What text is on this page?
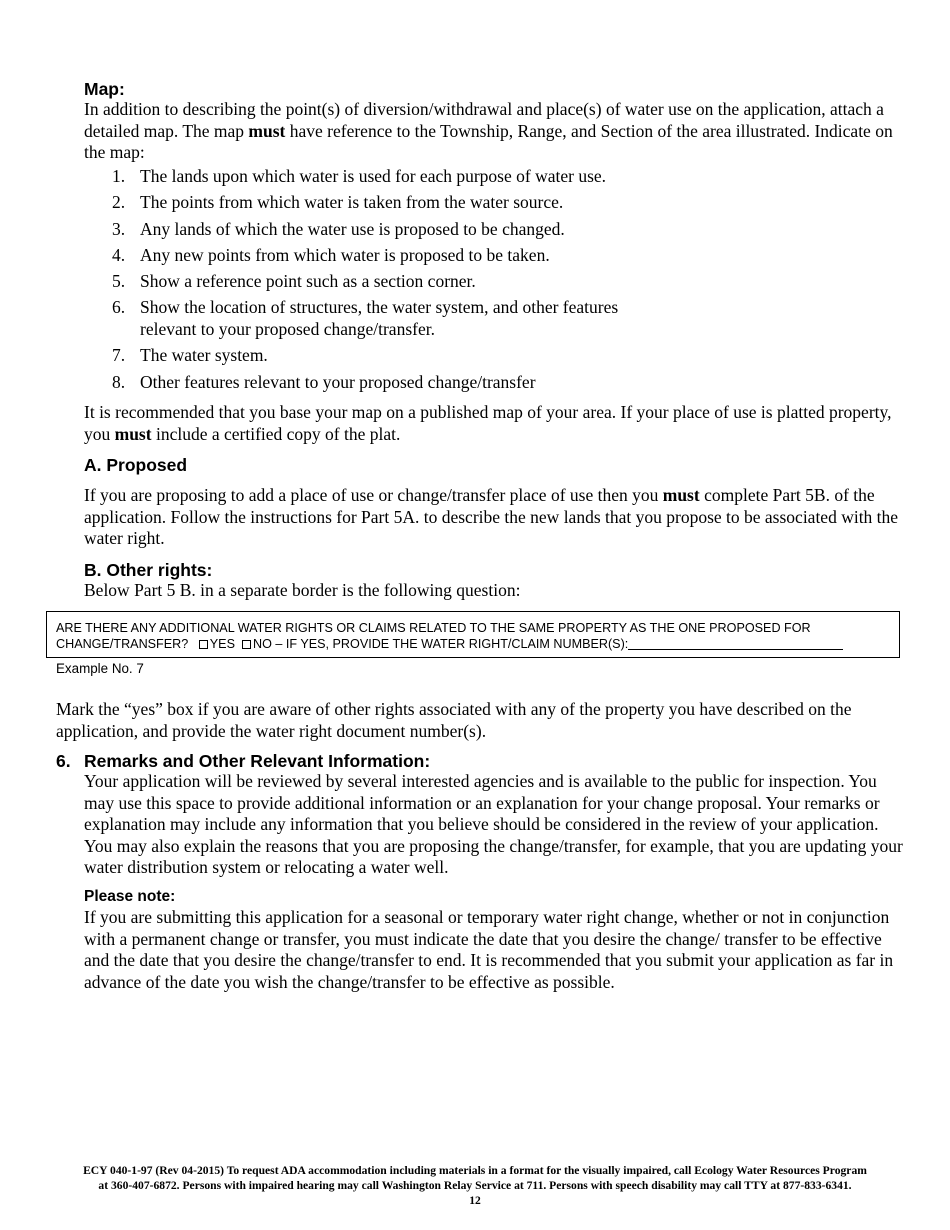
Map:
In addition to describing the point(s) of diversion/withdrawal and place(s) of water use on the application, attach a detailed map. The map must have reference to the Township, Range, and Section of the area illustrated. Indicate on the map:
1. The lands upon which water is used for each purpose of water use.
2. The points from which water is taken from the water source.
3. Any lands of which the water use is proposed to be changed.
4. Any new points from which water is proposed to be taken.
5. Show a reference point such as a section corner.
6. Show the location of structures, the water system, and other features relevant to your proposed change/transfer.
7. The water system.
8. Other features relevant to your proposed change/transfer
It is recommended that you base your map on a published map of your area. If your place of use is platted property, you must include a certified copy of the plat.
A. Proposed
If you are proposing to add a place of use or change/transfer place of use then you must complete Part 5B. of the application. Follow the instructions for Part 5A. to describe the new lands that you propose to be associated with the water right.
B. Other rights:
Below Part 5 B. in a separate border is the following question:
ARE THERE ANY ADDITIONAL WATER RIGHTS OR CLAIMS RELATED TO THE SAME PROPERTY AS THE ONE PROPOSED FOR
CHANGE/TRANSFER? YES NO – IF YES, PROVIDE THE WATER RIGHT/CLAIM NUMBER(S):
Example No. 7
Mark the “yes” box if you are aware of other rights associated with any of the property you have described on the application, and provide the water right document number(s).
6. Remarks and Other Relevant Information:
Your application will be reviewed by several interested agencies and is available to the public for inspection. You may use this space to provide additional information or an explanation for your change proposal. Your remarks or explanation may include any information that you believe should be considered in the review of your application. You may also explain the reasons that you are proposing the change/transfer, for example, that you are updating your water distribution system or relocating a water well.
Please note:
If you are submitting this application for a seasonal or temporary water right change, whether or not in conjunction with a permanent change or transfer, you must indicate the date that you desire the change/ transfer to be effective and the date that you desire the change/transfer to end. It is recommended that you submit your application as far in advance of the date you wish the change/transfer to be effective as possible.
ECY 040-1-97 (Rev 04-2015) To request ADA accommodation including materials in a format for the visually impaired, call Ecology Water Resources Program
at 360-407-6872. Persons with impaired hearing may call Washington Relay Service at 711. Persons with speech disability may call TTY at 877-833-6341.
12
